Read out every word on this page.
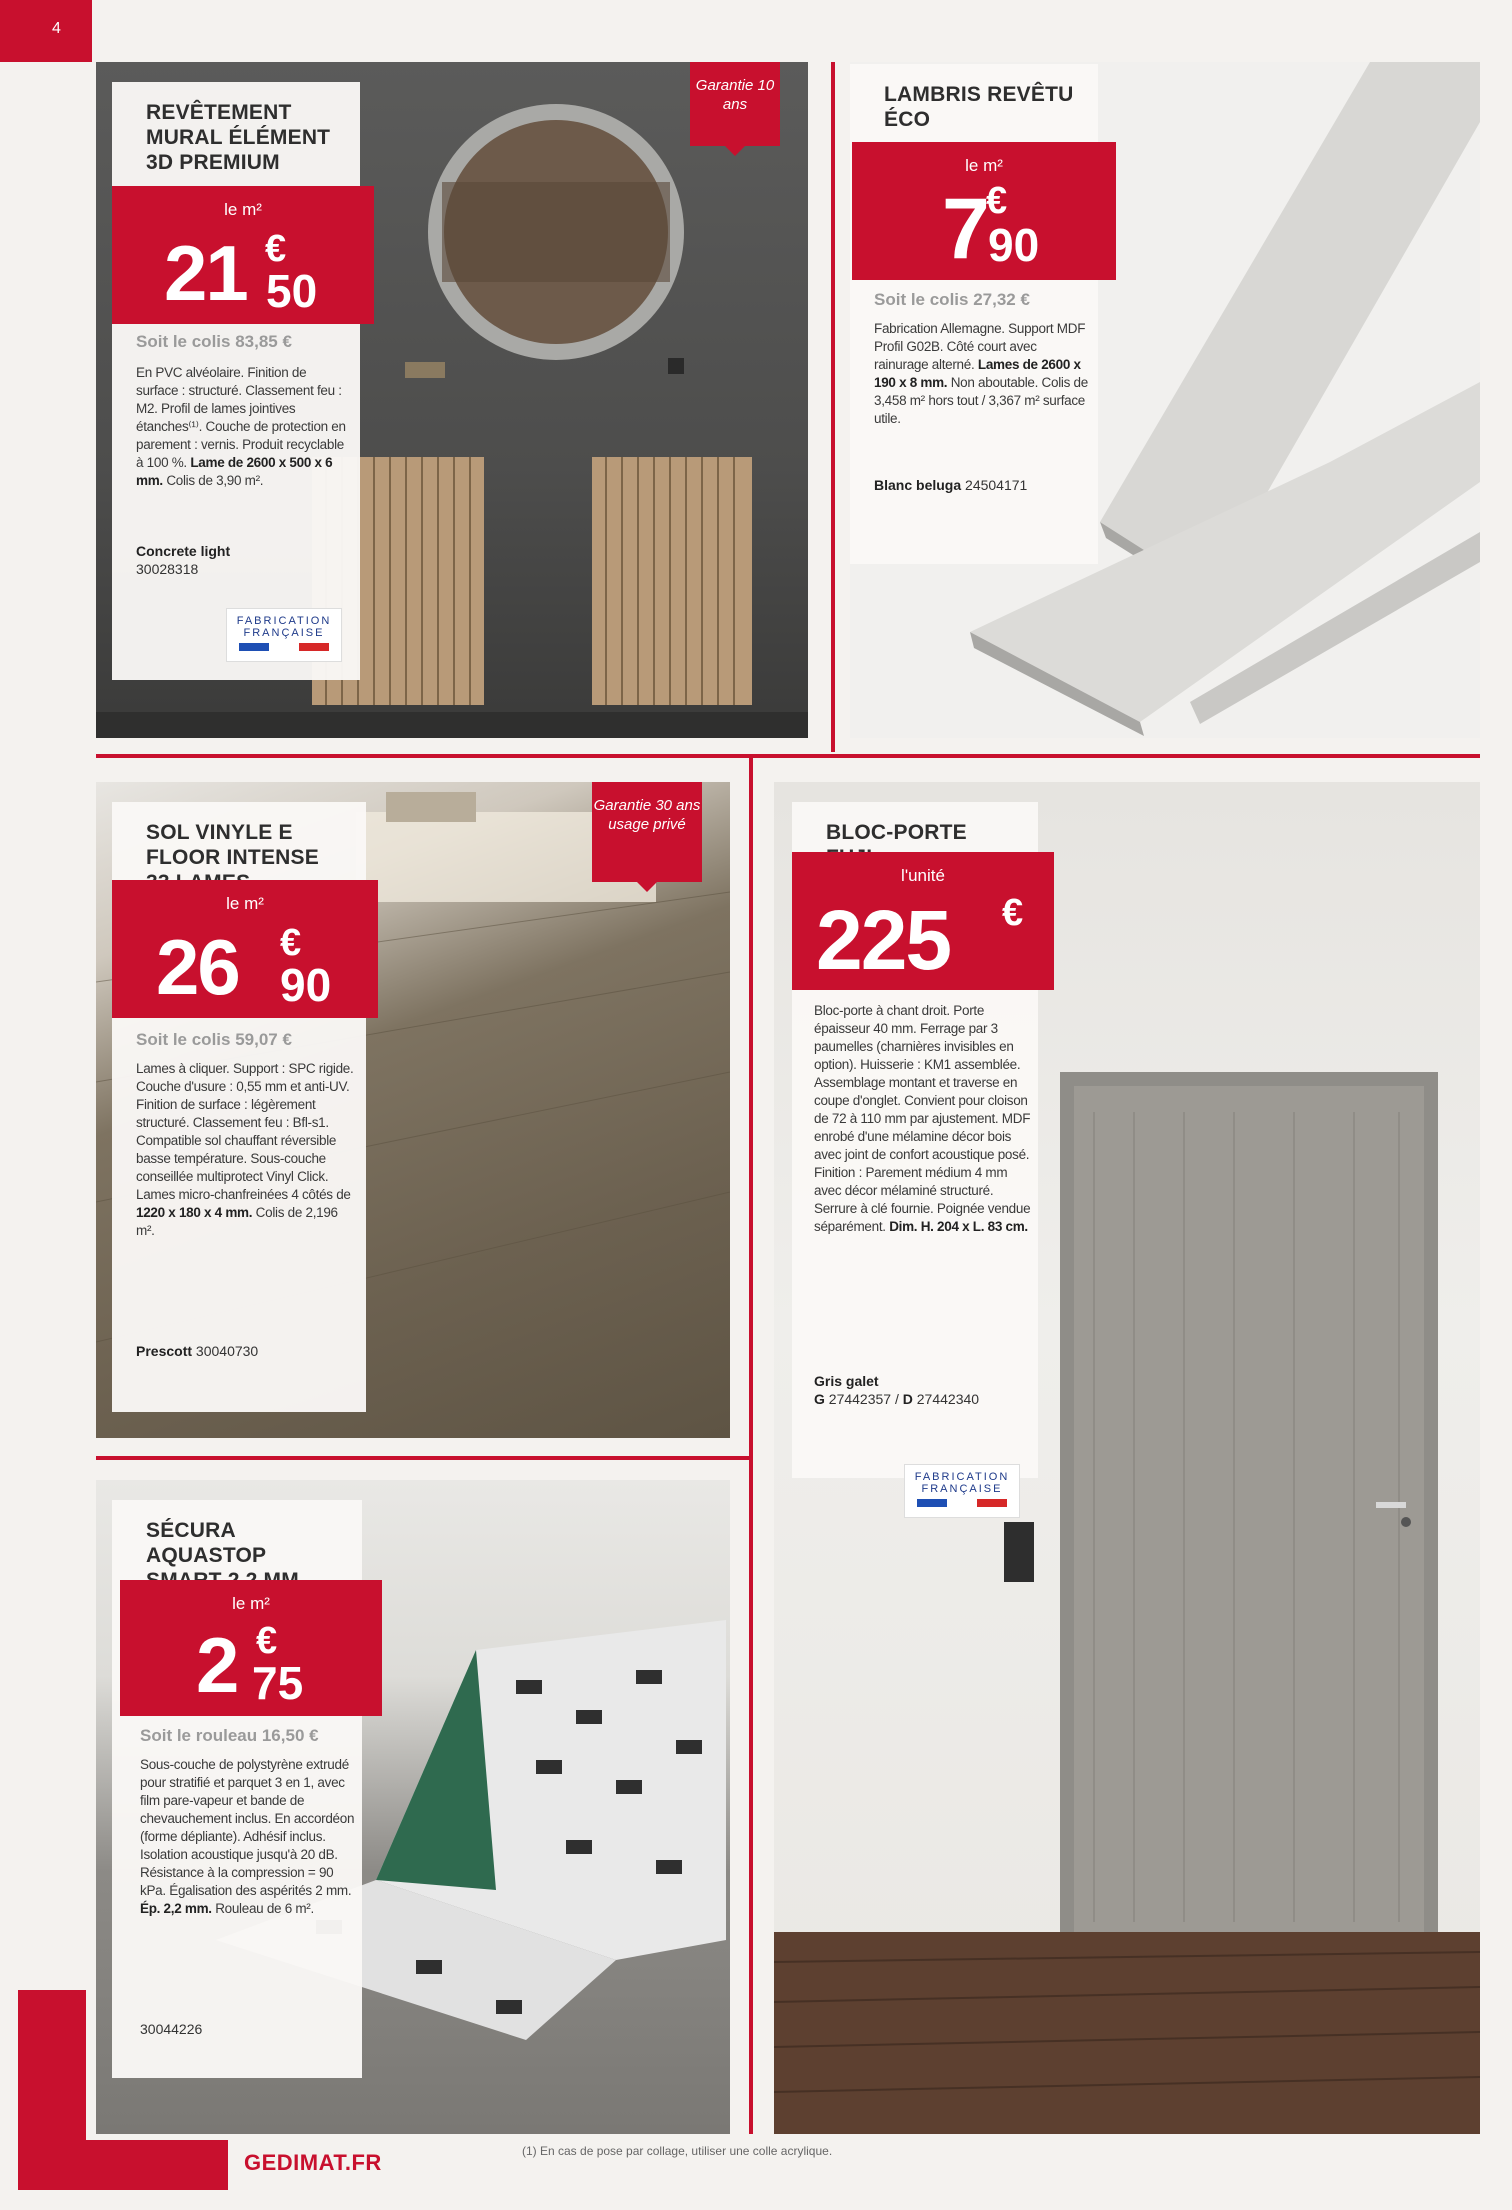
4
Garantie 10 ans
REVÊTEMENT MURAL ÉLÉMENT 3D PREMIUM
le m²
21 €
50
Soit le colis 83,85 €
En PVC alvéolaire. Finition de surface : structuré. Classement feu : M2. Profil de lames jointives étanches⁽¹⁾. Couche de protection en parement : vernis. Produit recyclable à 100 %. Lame de 2600 x 500 x 6 mm. Colis de 3,90 m².
Concrete light
30028318
FABRICATION FRANÇAISE
LAMBRIS REVÊTU ÉCO
le m²
7
€
90
Soit le colis 27,32 €
Fabrication Allemagne. Support MDF Profil G02B. Côté court avec rainurage alterné. Lames de 2600 x 190 x 8 mm. Non aboutable. Colis de 3,458 m² hors tout / 3,367 m² surface utile.
Blanc beluga 24504171
Garantie 30 ans usage privé
SOL VINYLE E FLOOR INTENSE
le m²
26 €
90
Soit le colis 59,07 €
Lames à cliquer. Support : SPC rigide. Couche d'usure : 0,55 mm et anti-UV. Finition de surface : légèrement structuré. Classement feu : Bfl-s1. Compatible sol chauffant réversible basse température. Sous-couche conseillée multiprotect Vinyl Click. Lames micro-chanfreinées 4 côtés de 1220 x 180 x 4 mm. Colis de 2,196 m².
Prescott 30040730
BLOC-PORTE
l'unité
225 €
Bloc-porte à chant droit. Porte épaisseur 40 mm. Ferrage par 3 paumelles (charnières invisibles en option). Huisserie : KM1 assemblée. Assemblage montant et traverse en coupe d'onglet. Convient pour cloison de 72 à 110 mm par ajustement. MDF enrobé d'une mélamine décor bois avec joint de confort acoustique posé. Finition : Parement médium 4 mm avec décor mélaminé structuré. Serrure à clé fournie. Poignée vendue séparément. Dim. H. 204 x L. 83 cm.
Gris galet
G 27442357 / D 27442340
FABRICATION FRANÇAISE
SÉCURA AQUASTOP
le m²
2 €
75
Soit le rouleau 16,50 €
Sous-couche de polystyrène extrudé pour stratifié et parquet 3 en 1, avec film pare-vapeur et bande de chevauchement inclus. En accordéon (forme dépliante). Adhésif inclus. Isolation acoustique jusqu'à 20 dB. Résistance à la compression = 90 kPa. Égalisation des aspérités 2 mm. Ép. 2,2 mm. Rouleau de 6 m².
30044226
GEDIMAT.FR	(1) En cas de pose par collage, utiliser une colle acrylique.
